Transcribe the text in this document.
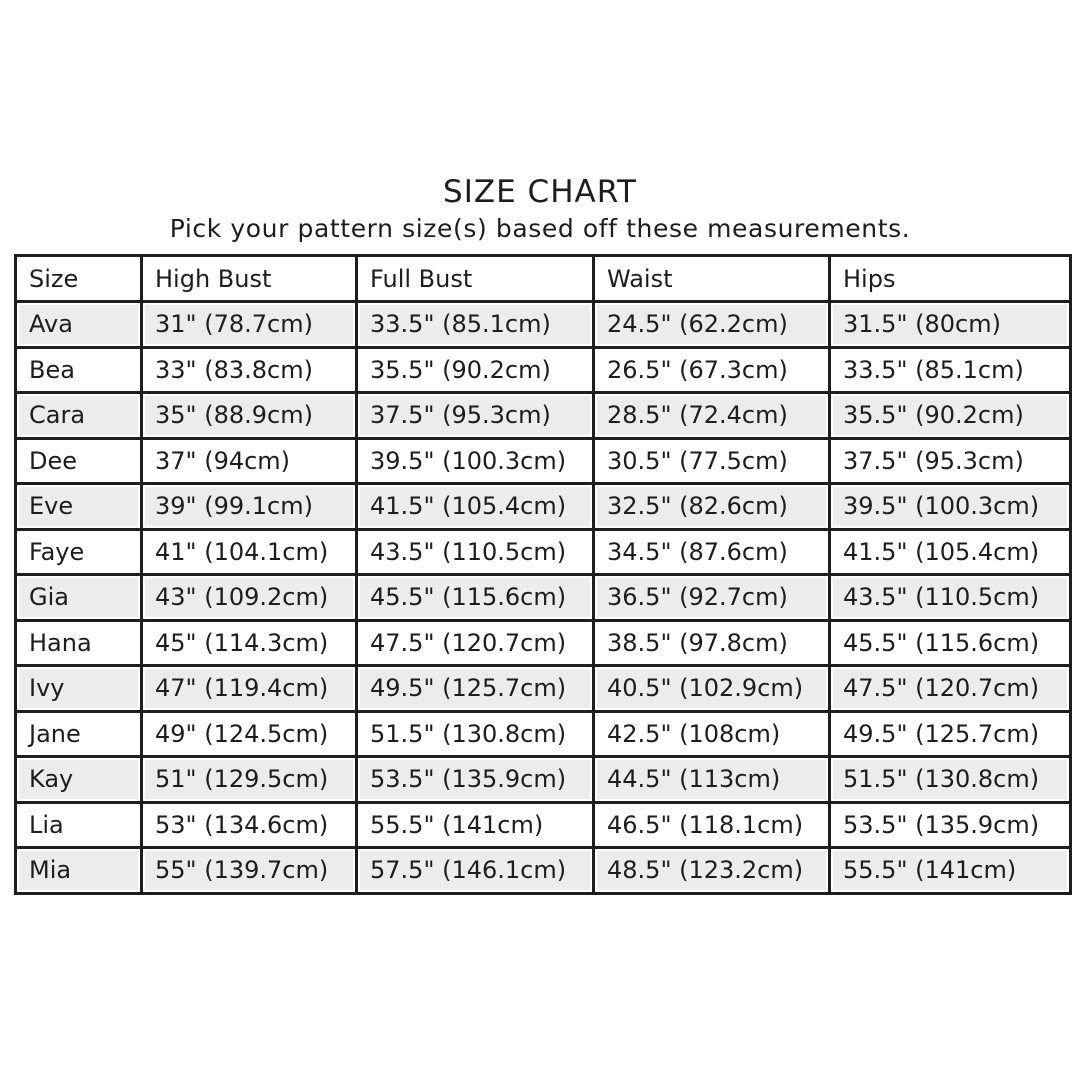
SIZE CHART

Pick your pattern size(s) based off these measurements.

Size	High Bust	Full Bust	Waist	Hips
Ava	31" (78.7cm)	33.5" (85.1cm)	24.5" (62.2cm)	31.5" (80cm)
Bea	33" (83.8cm)	35.5" (90.2cm)	26.5" (67.3cm)	33.5" (85.1cm)
Cara	35" (88.9cm)	37.5" (95.3cm)	28.5" (72.4cm)	35.5" (90.2cm)
Dee	37" (94cm)	39.5" (100.3cm)	30.5" (77.5cm)	37.5" (95.3cm)
Eve	39" (99.1cm)	41.5" (105.4cm)	32.5" (82.6cm)	39.5" (100.3cm)
Faye	41" (104.1cm)	43.5" (110.5cm)	34.5" (87.6cm)	41.5" (105.4cm)
Gia	43" (109.2cm)	45.5" (115.6cm)	36.5" (92.7cm)	43.5" (110.5cm)
Hana	45" (114.3cm)	47.5" (120.7cm)	38.5" (97.8cm)	45.5" (115.6cm)
Ivy	47" (119.4cm)	49.5" (125.7cm)	40.5" (102.9cm)	47.5" (120.7cm)
Jane	49" (124.5cm)	51.5" (130.8cm)	42.5" (108cm)	49.5" (125.7cm)
Kay	51" (129.5cm)	53.5" (135.9cm)	44.5" (113cm)	51.5" (130.8cm)
Lia	53" (134.6cm)	55.5" (141cm)	46.5" (118.1cm)	53.5" (135.9cm)
Mia	55" (139.7cm)	57.5" (146.1cm)	48.5" (123.2cm)	55.5" (141cm)
